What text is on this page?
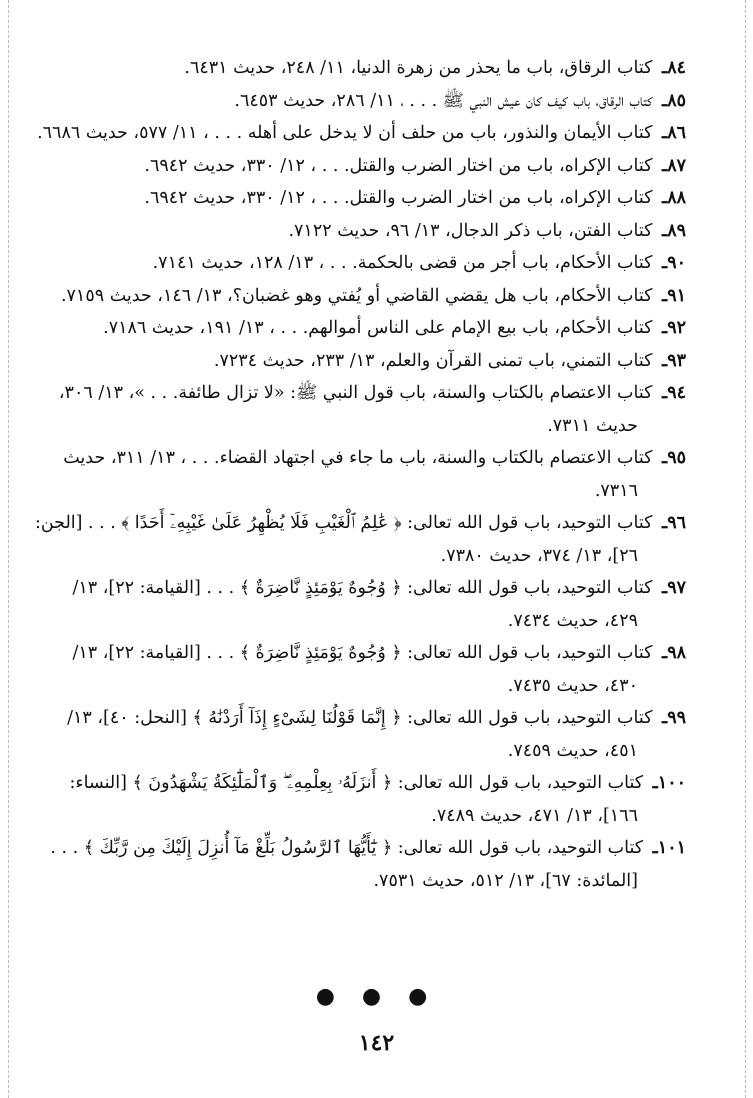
٨٤ـ كتاب الرقاق، باب ما يحذر من زهرة الدنيا، ١١/ ٢٤٨، حديث ٦٤٣١.

٨٥ـ كتاب الرقاق، باب كيف كان عيش النبي ﷺ . . . ، ١١/ ٢٨٦، حديث ٦٤٥٣.

٨٦ـ كتاب الأيمان والنذور، باب من حلف أن لا يدخل على أهله . . . ، ١١/ ٥٧٧، حديث ٦٦٨٦.

٨٧ـ كتاب الإكراه، باب من اختار الضرب والقتل. . . ، ١٢/ ٣٣٠، حديث ٦٩٤٢.

٨٨ـ كتاب الإكراه، باب من اختار الضرب والقتل. . . ، ١٢/ ٣٣٠، حديث ٦٩٤٢.

٨٩ـ كتاب الفتن، باب ذكر الدجال، ١٣/ ٩٦، حديث ٧١٢٢.

٩٠ـ كتاب الأحكام، باب أجر من قضى بالحكمة. . . ، ١٣/ ١٢٨، حديث ٧١٤١.

٩١ـ كتاب الأحكام، باب هل يقضي القاضي أو يُفتي وهو غضبان؟، ١٣/ ١٤٦، حديث ٧١٥٩.

٩٢ـ كتاب الأحكام، باب بيع الإمام على الناس أموالهم. . . ، ١٣/ ١٩١، حديث ٧١٨٦.

٩٣ـ كتاب التمني، باب تمنى القرآن والعلم، ١٣/ ٢٣٣، حديث ٧٢٣٤.

٩٤ـ كتاب الاعتصام بالكتاب والسنة، باب قول النبي ﷺ: «لا تزال طائفة. . . »، ١٣/ ٣٠٦، حديث ٧٣١١.

٩٥ـ كتاب الاعتصام بالكتاب والسنة، باب ما جاء في اجتهاد القضاء. . . ، ١٣/ ٣١١، حديث ٧٣١٦.

٩٦ـ كتاب التوحيد، باب قول الله تعالى: ﴿ عَٰلِمُ ٱلْغَيْبِ فَلَا يُظْهِرُ عَلَىٰ غَيْبِهِۦٓ أَحَدًا ﴾ . . . [الجن: ٢٦]، ١٣/ ٣٧٤، حديث ٧٣٨٠.

٩٧ـ كتاب التوحيد، باب قول الله تعالى: ﴿ وُجُوهٌ يَوْمَئِذٍ نَّاضِرَةٌ ﴾ . . . [القيامة: ٢٢]، ١٣/ ٤٢٩، حديث ٧٤٣٤.

٩٨ـ كتاب التوحيد، باب قول الله تعالى: ﴿ وُجُوهٌ يَوْمَئِذٍ نَّاضِرَةٌ ﴾ . . . [القيامة: ٢٢]، ١٣/ ٤٣٠، حديث ٧٤٣٥.

٩٩ـ كتاب التوحيد، باب قول الله تعالى: ﴿ إِنَّمَا قَوْلُنَا لِشَىْءٍ إِذَآ أَرَدْنَٰهُ ﴾ [النحل: ٤٠]، ١٣/ ٤٥١، حديث ٧٤٥٩.

١٠٠ـ كتاب التوحيد، باب قول الله تعالى: ﴿ أَنزَلَهُۥ بِعِلْمِهِۦ ۖ وَٱلْمَلَٰٓئِكَةُ يَشْهَدُونَ ﴾ [النساء: ١٦٦]، ١٣/ ٤٧١، حديث ٧٤٨٩.

١٠١ـ كتاب التوحيد، باب قول الله تعالى: ﴿ يَٰٓأَيُّهَا ٱلرَّسُولُ بَلِّغْ مَآ أُنزِلَ إِلَيْكَ مِن رَّبِّكَ ﴾ . . . [المائدة: ٦٧]، ١٣/ ٥١٢، حديث ٧٥٣١.

● ● ●
١٤٢
